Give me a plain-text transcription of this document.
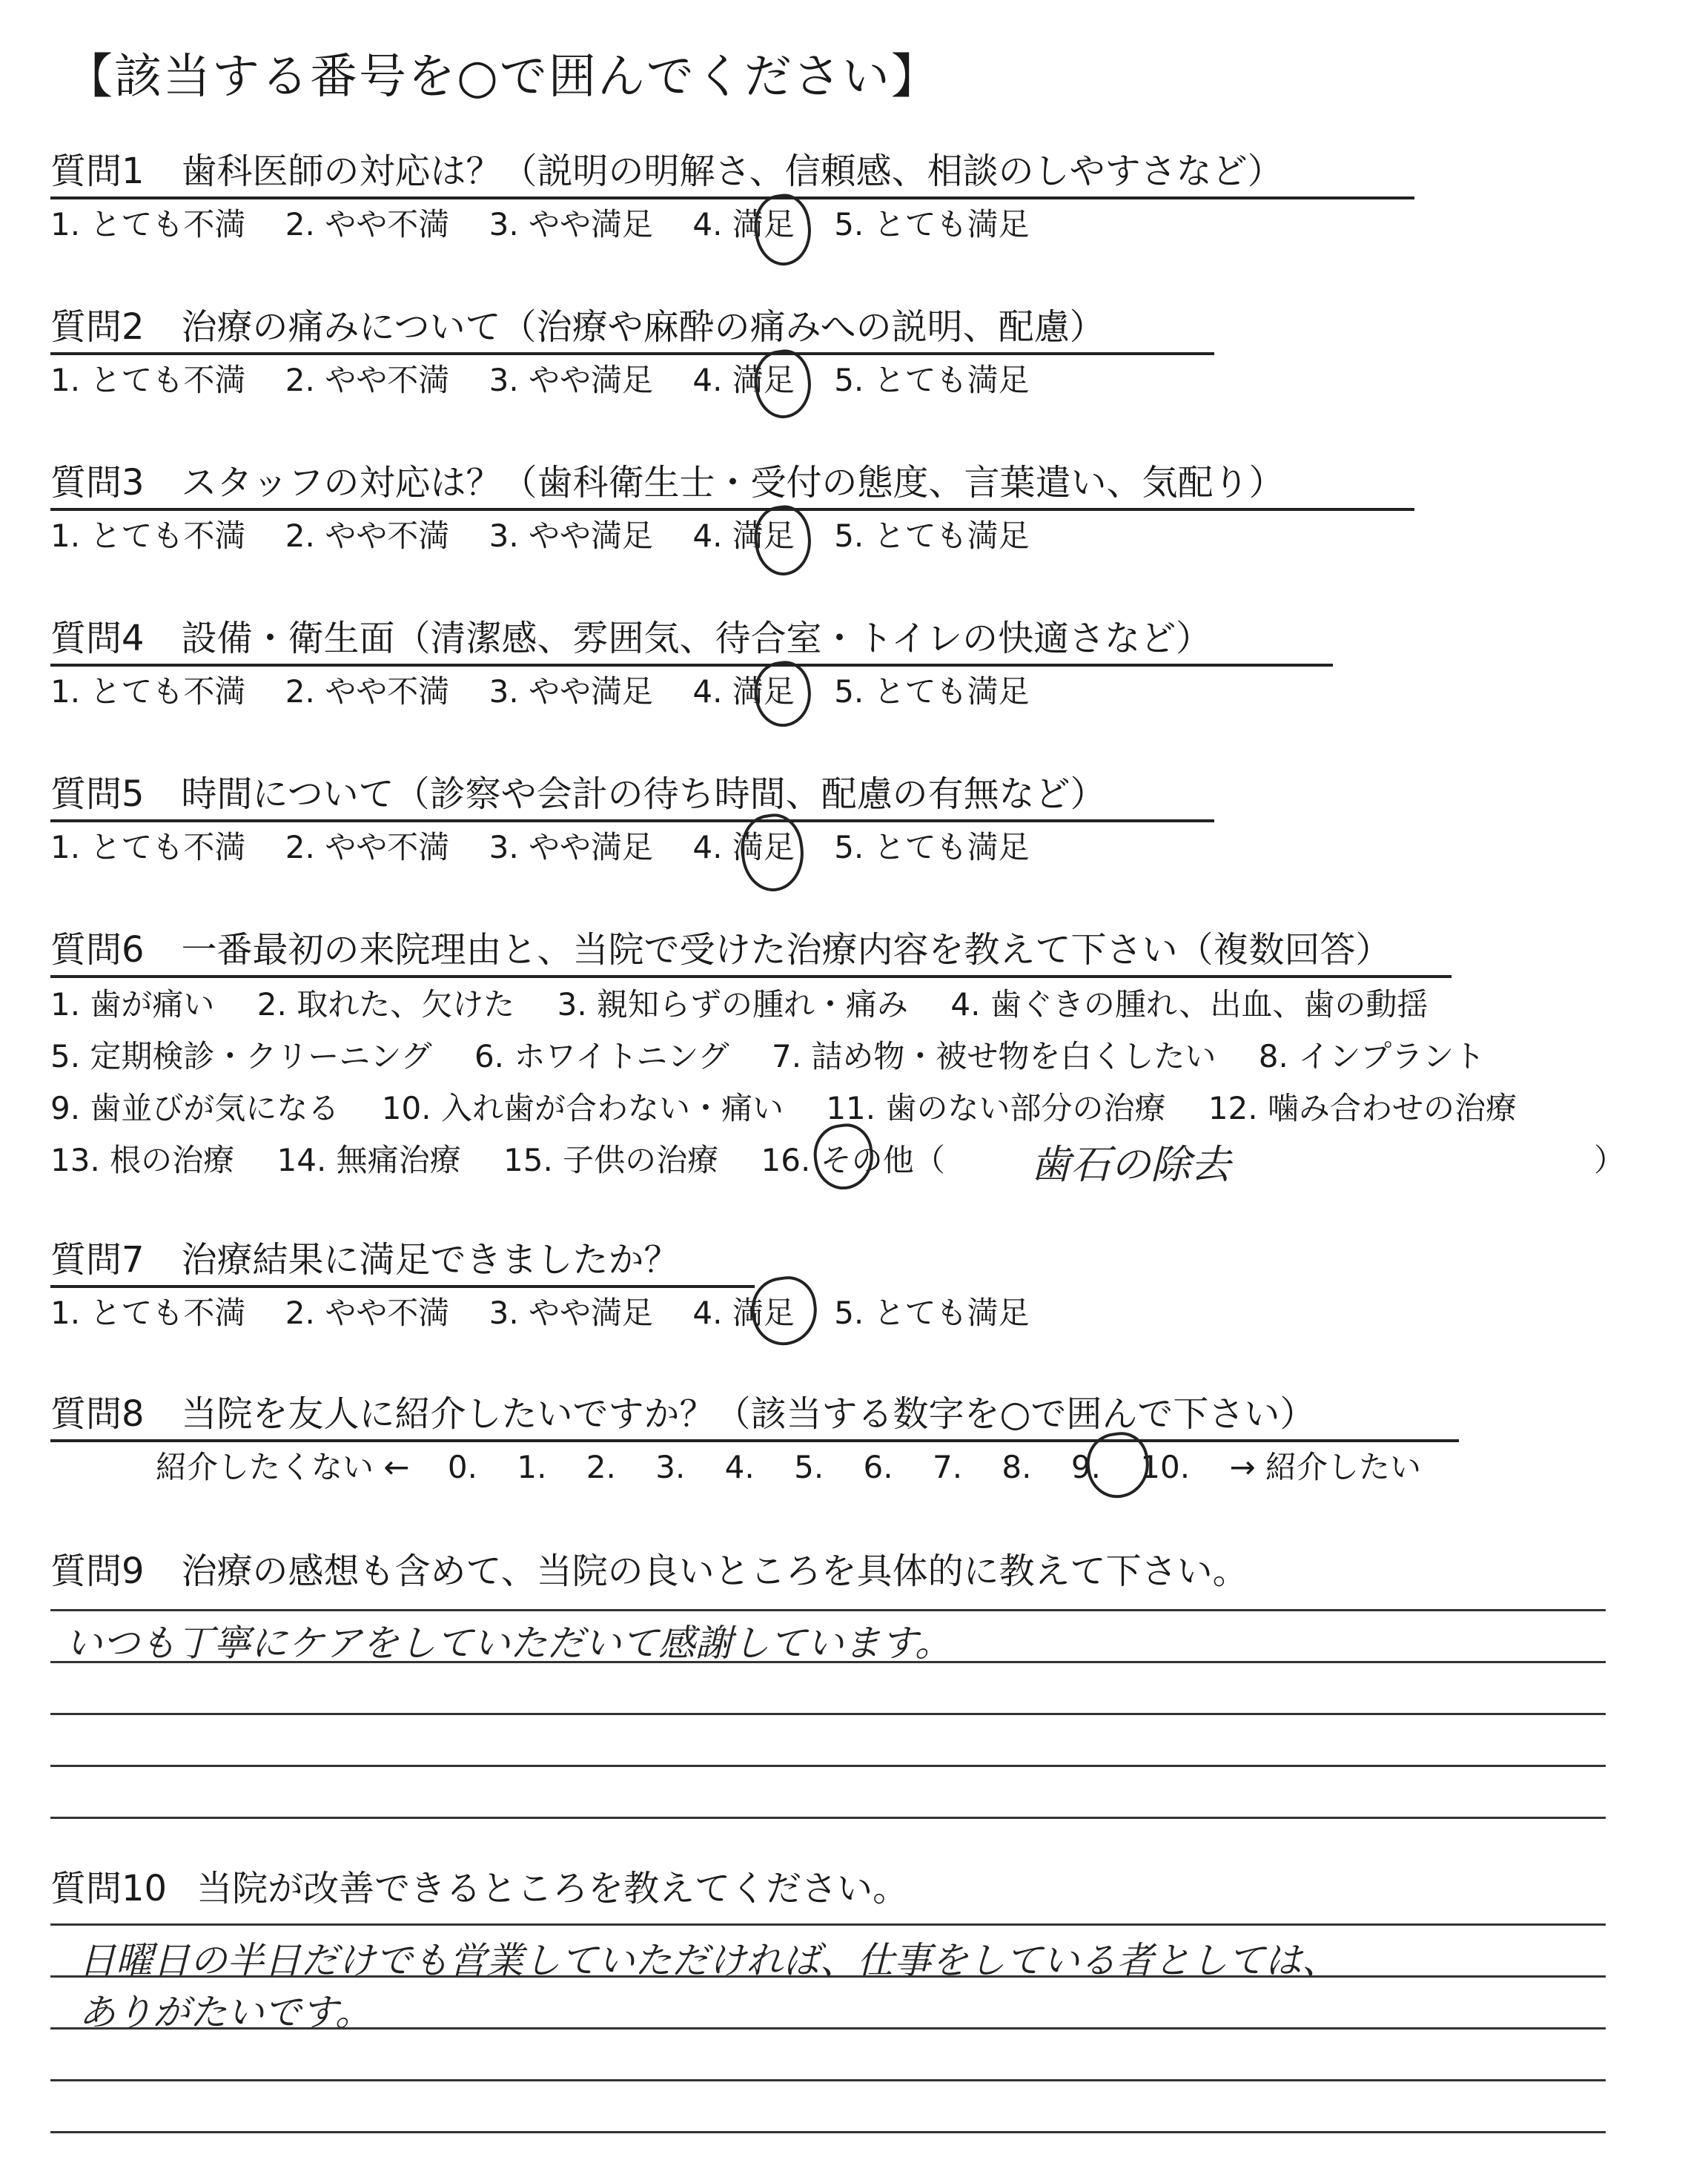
【該当する番号を○で囲んでください】
質問1 歯科医師の対応は？（説明の明解さ、信頼感、相談のしやすさなど）
1. とても不満 2. やや不満 3. やや満足 4. 満足 5. とても満足
質問2 治療の痛みについて（治療や麻酔の痛みへの説明、配慮）
1. とても不満 2. やや不満 3. やや満足 4. 満足 5. とても満足
質問3 スタッフの対応は？（歯科衛生士・受付の態度、言葉遣い、気配り）
1. とても不満 2. やや不満 3. やや満足 4. 満足 5. とても満足
質問4 設備・衛生面（清潔感、雰囲気、待合室・トイレの快適さなど）
1. とても不満 2. やや不満 3. やや満足 4. 満足 5. とても満足
質問5 時間について（診察や会計の待ち時間、配慮の有無など）
1. とても不満 2. やや不満 3. やや満足 4. 満足 5. とても満足
質問6 一番最初の来院理由と、当院で受けた治療内容を教えて下さい（複数回答）
1. 歯が痛い 2. 取れた、欠けた 3. 親知らずの腫れ・痛み 4. 歯ぐきの腫れ、出血、歯の動揺
5. 定期検診・クリーニング 6. ホワイトニング 7. 詰め物・被せ物を白くしたい 8. インプラント
9. 歯並びが気になる 10. 入れ歯が合わない・痛い 11. 歯のない部分の治療 12. 噛み合わせの治療
13. 根の治療 14. 無痛治療 15. 子供の治療 16. その他（ 歯石の除去	）
質問7 治療結果に満足できましたか？
1. とても不満 2. やや不満 3. やや満足 4. 満足 5. とても満足
質問8 当院を友人に紹介したいですか？（該当する数字を○で囲んで下さい）
紹介したくない ← 0. 1. 2. 3. 4. 5. 6. 7. 8. 9. 10. → 紹介したい
質問9 治療の感想も含めて、当院の良いところを具体的に教えて下さい。
いつも丁寧にケアをしていただいて感謝しています。
質問10 当院が改善できるところを教えてください。
日曜日の半日だけでも営業していただければ、仕事をしている者としては、
ありがたいです。
